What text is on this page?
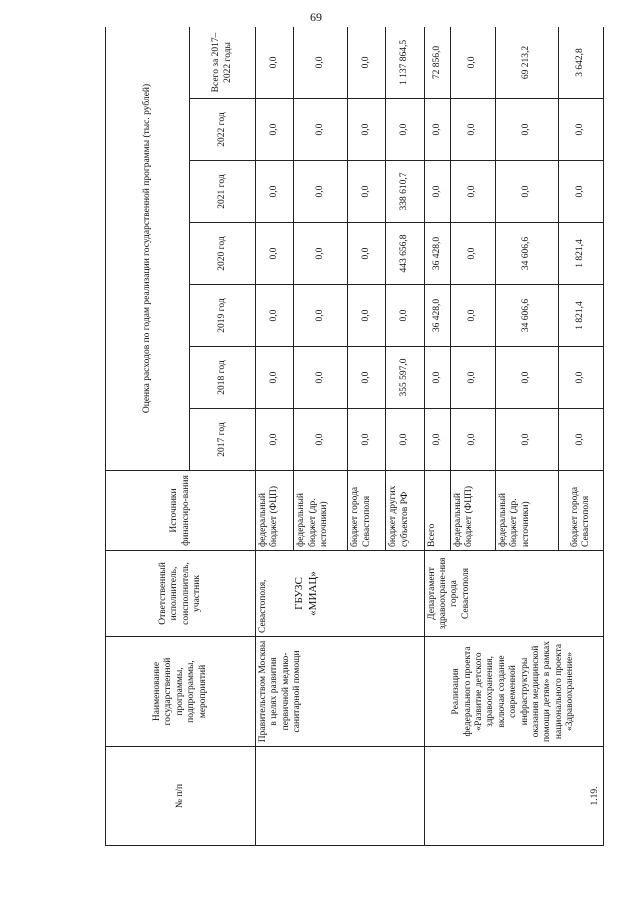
69
№ п/п	Наименование государственной программы, подпрограммы, мероприятий	Ответственный исполнитель, соисполнитель, участник	Источники финансиро-вания	Оценка расходов по годам реализации государственной программы (тыс. рублей)						
				2017 год	2018 год	2019 год	2020 год	2021 год	2022 год	Всего за 2017–2022 годы
	Правительством Москвы в целях развития первичной медико-санитарной помощи	Севастополя, ГБУЗС «МИАЦ»	федеральный бюджет (ФЦП)	0,0	0,0	0,0	0,0	0,0	0,0	0,0
			федеральный бюджет (др. источники)	0,0	0,0	0,0	0,0	0,0	0,0	0,0
			бюджет города Севастополя	0,0	0,0	0,0	0,0	0,0	0,0	0,0
			бюджет других субъектов РФ	0,0	355 597,0	0,0	443 656,8	338 610,7	0,0	1 137 864,5
1.19.	Реализация федерального проекта «Развитие детского здравоохранения, включая создание современной инфраструктуры оказания медицинской помощи детям» в рамках национального проекта «Здравоохранение»	Департамент здравоохране-ния города Севастополя	Всего	0,0	0,0	36 428,0	36 428,0	0,0	0,0	72 856,0
			федеральный бюджет (ФЦП)	0,0	0,0	0,0	0,0	0,0	0,0	0,0
			федеральный бюджет (др. источники)	0,0	0,0	34 606,6	34 606,6	0,0	0,0	69 213,2
			бюджет города Севастополя	0,0	0,0	1 821,4	1 821,4	0,0	0,0	3 642,8
